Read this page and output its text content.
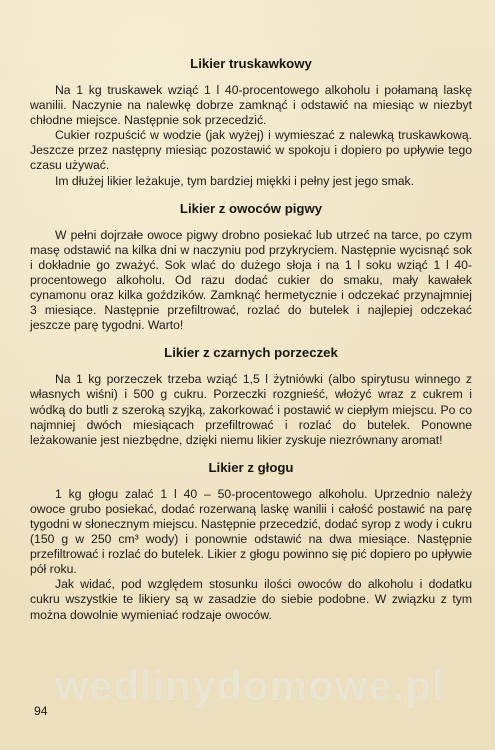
Likier truskawkowy

Na 1 kg truskawek wziąć 1 l 40-procentowego alkoholu i połamaną laskę wanilii. Naczynie na nalewkę dobrze zamknąć i odstawić na miesiąc w niezbyt chłodne miejsce. Następnie sok przecedzić.

Cukier rozpuścić w wodzie (jak wyżej) i wymieszać z nalewką truskawkową. Jeszcze przez następny miesiąc pozostawić w spokoju i dopiero po upływie tego czasu używać.

Im dłużej likier leżakuje, tym bardziej miękki i pełny jest jego smak.

Likier z owoców pigwy

W pełni dojrzałe owoce pigwy drobno posiekać lub utrzeć na tarce, po czym masę odstawić na kilka dni w naczyniu pod przykryciem. Następnie wycisnąć sok i dokładnie go zważyć. Sok wlać do dużego słoja i na 1 l soku wziąć 1 l 40-procentowego alkoholu. Od razu dodać cukier do smaku, mały kawałek cynamonu oraz kilka goździków. Zamknąć hermetycznie i odczekać przynajmniej 3 miesiące. Następnie przefiltrować, rozlać do butelek i najlepiej odczekać jeszcze parę tygodni. Warto!

Likier z czarnych porzeczek

Na 1 kg porzeczek trzeba wziąć 1,5 l żytniówki (albo spirytusu winnego z własnych wiśni) i 500 g cukru. Porzeczki rozgnieść, włożyć wraz z cukrem i wódką do butli z szeroką szyjką, zakorkować i postawić w ciepłym miejscu. Po co najmniej dwóch miesiącach przefiltrować i rozlać do butelek. Ponowne leżakowanie jest niezbędne, dzięki niemu likier zyskuje niezrównany aromat!

Likier z głogu

1 kg głogu zalać 1 l 40 – 50-procentowego alkoholu. Uprzednio należy owoce grubo posiekać, dodać rozerwaną laskę wanilii i całość postawić na parę tygodni w słonecznym miejscu. Następnie przecedzić, dodać syrop z wody i cukru (150 g w 250 cm³ wody) i ponownie odstawić na dwa miesiące. Następnie przefiltrować i rozlać do butelek. Likier z głogu powinno się pić dopiero po upływie pół roku.

Jak widać, pod względem stosunku ilości owoców do alkoholu i dodatku cukru wszystkie te likiery są w zasadzie do siebie podobne. W związku z tym można dowolnie wymieniać rodzaje owoców.

wedlinydomowe.pl
94
